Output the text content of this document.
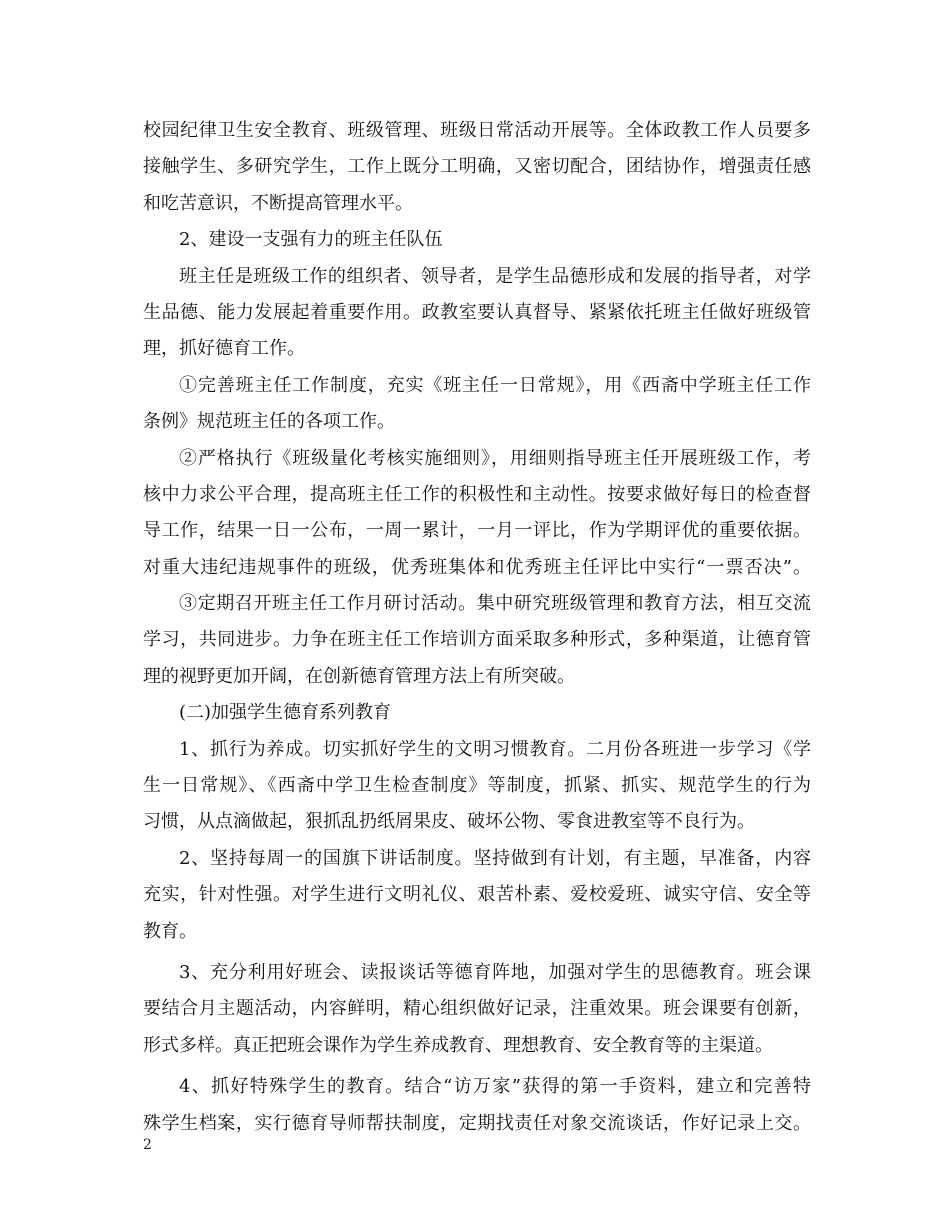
校园纪律卫生安全教育、班级管理、班级日常活动开展等。全体政教工作人员要多
接触学生、多研究学生，工作上既分工明确，又密切配合，团结协作，增强责任感
和吃苦意识，不断提高管理水平。
2、建设一支强有力的班主任队伍
班主任是班级工作的组织者、领导者，是学生品德形成和发展的指导者，对学
生品德、能力发展起着重要作用。政教室要认真督导、紧紧依托班主任做好班级管
理，抓好德育工作。
①完善班主任工作制度，充实《班主任一日常规》，用《西斋中学班主任工作
条例》规范班主任的各项工作。
②严格执行《班级量化考核实施细则》，用细则指导班主任开展班级工作，考
核中力求公平合理，提高班主任工作的积极性和主动性。按要求做好每日的检查督
导工作，结果一日一公布，一周一累计，一月一评比，作为学期评优的重要依据。
对重大违纪违规事件的班级，优秀班集体和优秀班主任评比中实行“一票否决”。
③定期召开班主任工作月研讨活动。集中研究班级管理和教育方法，相互交流
学习，共同进步。力争在班主任工作培训方面采取多种形式，多种渠道，让德育管
理的视野更加开阔，在创新德育管理方法上有所突破。
(二)加强学生德育系列教育
1、抓行为养成。切实抓好学生的文明习惯教育。二月份各班进一步学习《学
生一日常规》、《西斋中学卫生检查制度》等制度，抓紧、抓实、规范学生的行为
习惯，从点滴做起，狠抓乱扔纸屑果皮、破坏公物、零食进教室等不良行为。
2、坚持每周一的国旗下讲话制度。坚持做到有计划，有主题，早准备，内容
充实，针对性强。对学生进行文明礼仪、艰苦朴素、爱校爱班、诚实守信、安全等
教育。
3、充分利用好班会、读报谈话等德育阵地，加强对学生的思德教育。班会课
要结合月主题活动，内容鲜明，精心组织做好记录，注重效果。班会课要有创新，
形式多样。真正把班会课作为学生养成教育、理想教育、安全教育等的主渠道。
4、抓好特殊学生的教育。结合“访万家”获得的第一手资料，建立和完善特
殊学生档案，实行德育导师帮扶制度，定期找责任对象交流谈话，作好记录上交。
2
